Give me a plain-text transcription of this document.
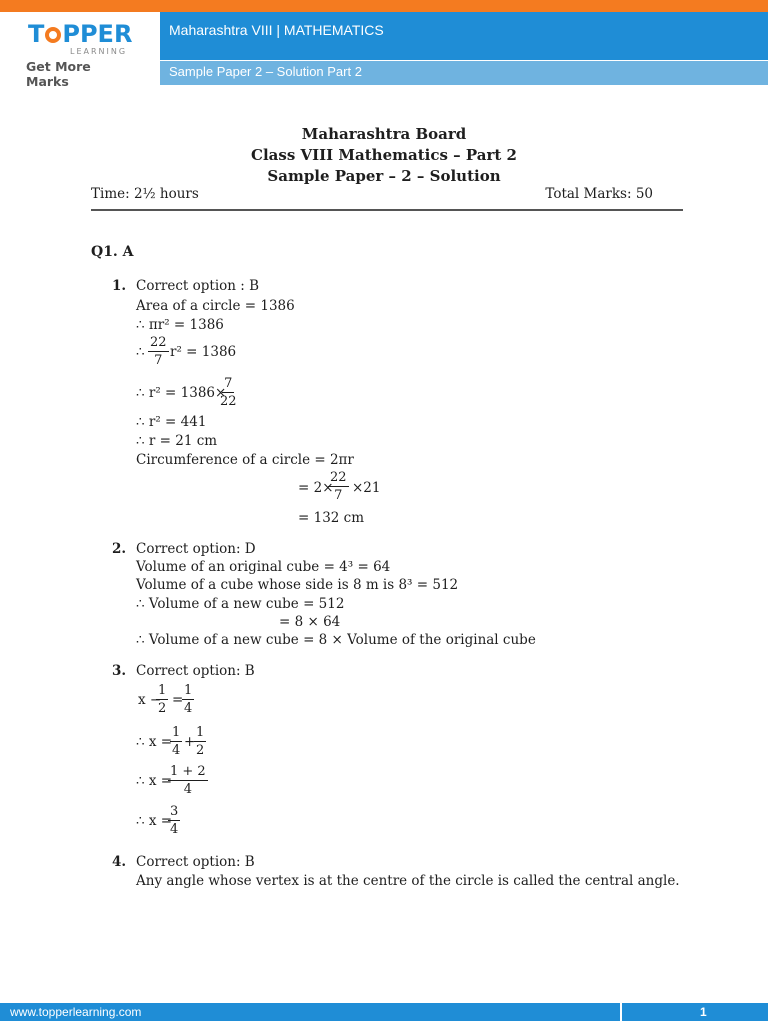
T PPER
LEARNING
Get More Marks
Maharashtra VIII | MATHEMATICS
Sample Paper 2 – Solution Part 2
Maharashtra Board
Class VIII Mathematics – Part 2
Sample Paper – 2 – Solution
Time: 2½ hours	Total Marks: 50
Q1. A
1. Correct option : B
Area of a circle = 1386
∴ πr² = 1386
∴ $\frac{22}{7} r^2 = 1386$
∴ r² = 1386×
$\frac{7}{22}$
∴ r² = 441
∴ r = 21 cm
Circumference of a circle = 2πr
= 2×
$\frac{22}{7} \times 21$
= 132 cm
2. Correct option: D
Volume of an original cube = 4³ = 64
Volume of a cube whose side is 8 m is 8³ = 512
∴ Volume of a new cube = 512
= 8 × 64
∴ Volume of a new cube = 8 × Volume of the original cube
3. Correct option: B
x −
$\frac{1}{2}$ =
$\frac{1}{4}$
∴ x =
$\frac{1}{4}$ +
$\frac{1}{2}$
∴ x =
$\frac{1 + 2}{4}$
∴ x =
$\frac{3}{4}$
4. Correct option: B
Any angle whose vertex is at the centre of the circle is called the central angle.
www.topperlearning.com	1
